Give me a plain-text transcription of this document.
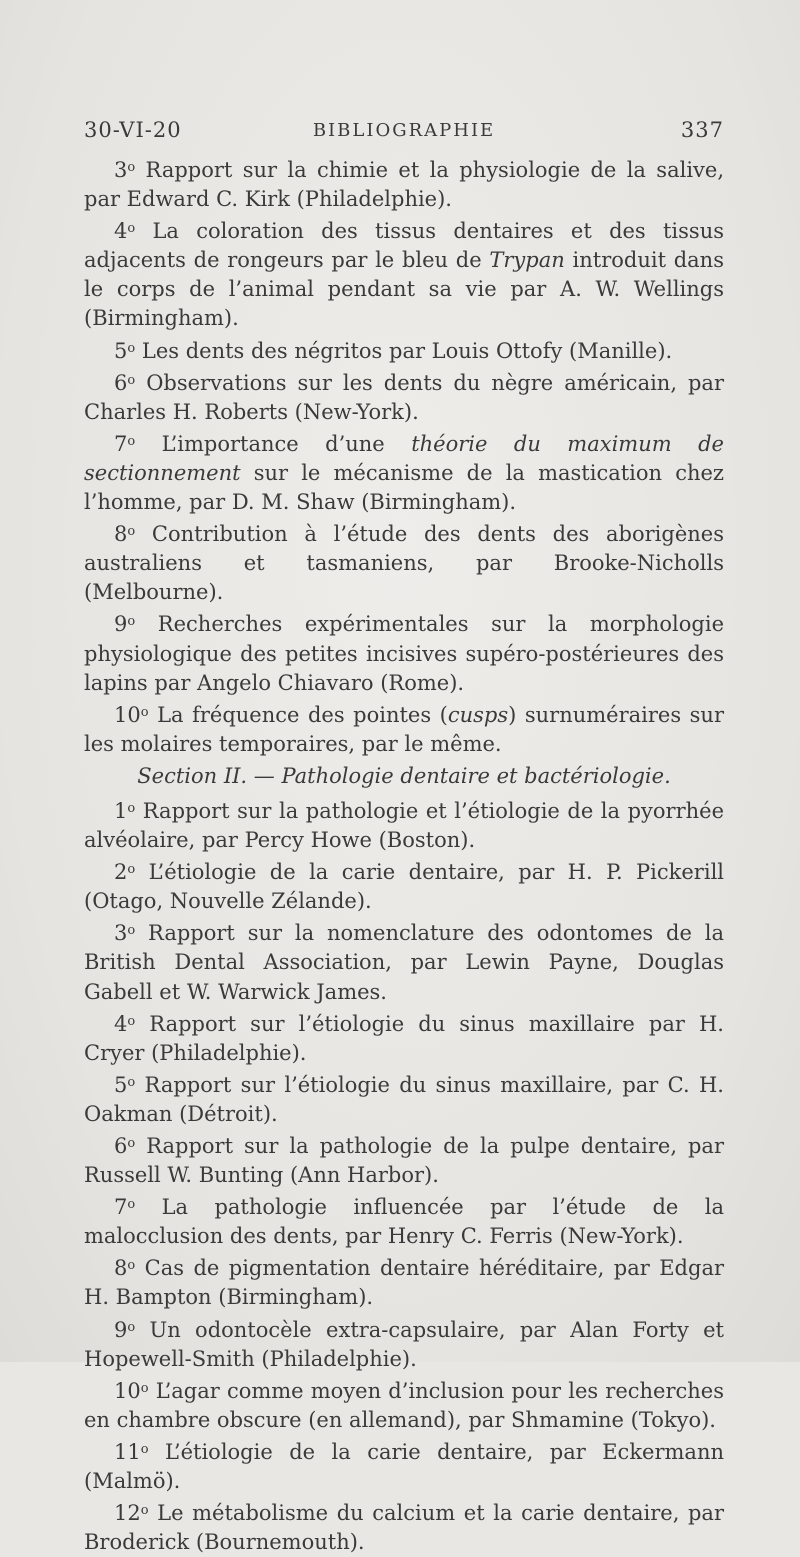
30-VI-20	BIBLIOGRAPHIE	337

3$^o$ Rapport sur la chimie et la physiologie de la salive, par Edward C. Kirk (Philadelphie).

4$^o$ La coloration des tissus dentaires et des tissus adjacents de rongeurs par le bleu de Trypan introduit dans le corps de l’animal pendant sa vie par A. W. Wellings (Birmingham).

5$^o$ Les dents des négritos par Louis Ottofy (Manille).

6$^o$ Observations sur les dents du nègre américain, par Charles H. Roberts (New-York).

7$^o$ L’importance d’une théorie du maximum de sectionnement sur le mécanisme de la mastication chez l’homme, par D. M. Shaw (Birmingham).

8$^o$ Contribution à l’étude des dents des aborigènes australiens et tasmaniens, par Brooke-Nicholls (Melbourne).

9$^o$ Recherches expérimentales sur la morphologie physiologique des petites incisives supéro-postérieures des lapins par Angelo Chiavaro (Rome).

10$^o$ La fréquence des pointes (cusps) surnuméraires sur les molaires temporaires, par le même.

Section II. — Pathologie dentaire et bactériologie.

1$^o$ Rapport sur la pathologie et l’étiologie de la pyorrhée alvéolaire, par Percy Howe (Boston).

2$^o$ L’étiologie de la carie dentaire, par H. P. Pickerill (Otago, Nouvelle Zélande).

3$^o$ Rapport sur la nomenclature des odontomes de la British Dental Association, par Lewin Payne, Douglas Gabell et W. Warwick James.

4$^o$ Rapport sur l’étiologie du sinus maxillaire par H. Cryer (Philadelphie).

5$^o$ Rapport sur l’étiologie du sinus maxillaire, par C. H. Oakman (Détroit).

6$^o$ Rapport sur la pathologie de la pulpe dentaire, par Russell W. Bunting (Ann Harbor).

7$^o$ La pathologie influencée par l’étude de la malocclusion des dents, par Henry C. Ferris (New-York).

8$^o$ Cas de pigmentation dentaire héréditaire, par Edgar H. Bampton (Birmingham).

9$^o$ Un odontocèle extra-capsulaire, par Alan Forty et Hopewell-Smith (Philadelphie).

10$^o$ L’agar comme moyen d’inclusion pour les recherches en chambre obscure (en allemand), par Shmamine (Tokyo).

11$^o$ L’étiologie de la carie dentaire, par Eckermann (Malmö).

12$^o$ Le métabolisme du calcium et la carie dentaire, par Broderick (Bournemouth).
